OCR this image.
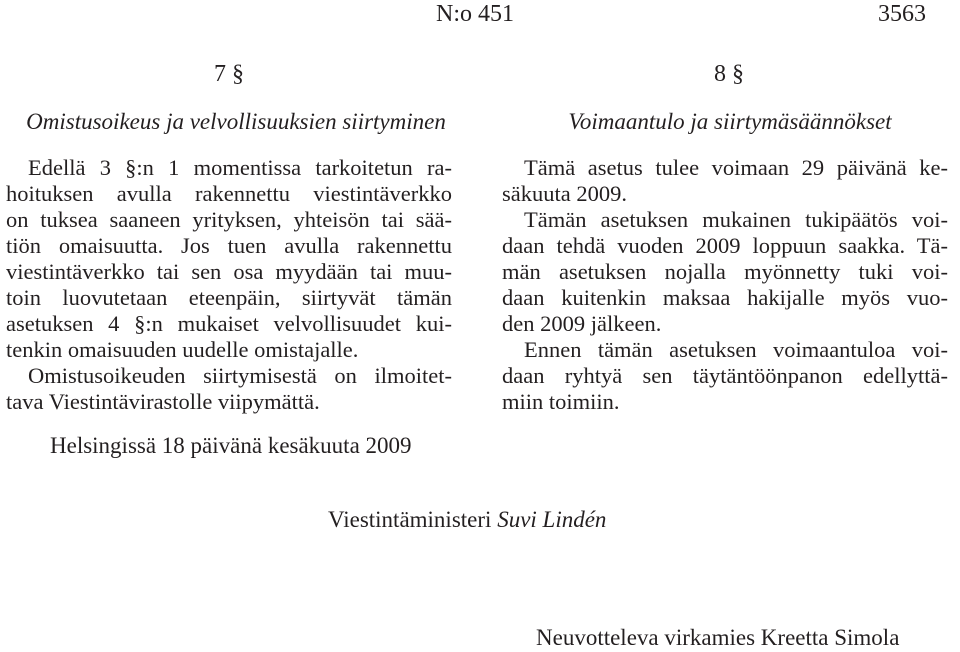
N:o 451	3563
7 §
Omistusoikeus ja velvollisuuksien siirtyminen
Edellä 3 §:n 1 momentissa tarkoitetun ra-
hoituksen avulla rakennettu viestintäverkko
on tuksea saaneen yrityksen, yhteisön tai sää-
tiön omaisuutta. Jos tuen avulla rakennettu
viestintäverkko tai sen osa myydään tai muu-
toin luovutetaan eteenpäin, siirtyvät tämän
asetuksen 4 §:n mukaiset velvollisuudet kui-
tenkin omaisuuden uudelle omistajalle.
Omistusoikeuden siirtymisestä on ilmoitet-
tava Viestintävirastolle viipymättä.
8 §
Voimaantulo ja siirtymäsäännökset
Tämä asetus tulee voimaan 29 päivänä ke-
säkuuta 2009.
Tämän asetuksen mukainen tukipäätös voi-
daan tehdä vuoden 2009 loppuun saakka. Tä-
män asetuksen nojalla myönnetty tuki voi-
daan kuitenkin maksaa hakijalle myös vuo-
den 2009 jälkeen.
Ennen tämän asetuksen voimaantuloa voi-
daan ryhtyä sen täytäntöönpanon edellyttä-
miin toimiin.
Helsingissä 18 päivänä kesäkuuta 2009
Viestintäministeri Suvi Lindén
Neuvotteleva virkamies Kreetta Simola
